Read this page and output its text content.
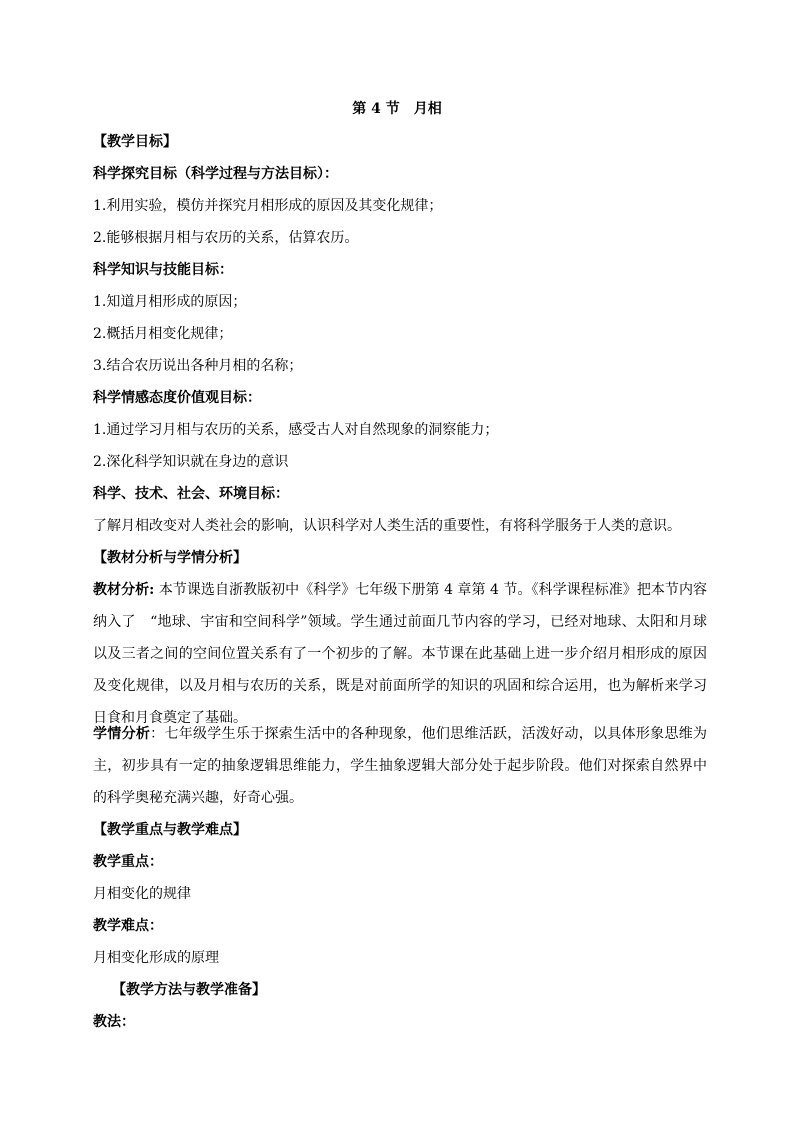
第 4 节　月相
【教学目标】
科学探究目标（科学过程与方法目标）：
1.利用实验，模仿并探究月相形成的原因及其变化规律；
2.能够根据月相与农历的关系，估算农历。
科学知识与技能目标：
1.知道月相形成的原因；
2.概括月相变化规律；
3.结合农历说出各种月相的名称；
科学情感态度价值观目标：
1.通过学习月相与农历的关系，感受古人对自然现象的洞察能力；
2.深化科学知识就在身边的意识
科学、技术、社会、环境目标：
了解月相改变对人类社会的影响，认识科学对人类生活的重要性，有将科学服务于人类的意识。
【教材分析与学情分析】
教材分析: 本节课选自浙教版初中《科学》七年级下册第 4 章第 4 节。《科学课程标准》把本节内容纳入了　“地球、宇宙和空间科学”领域。学生通过前面几节内容的学习，已经对地球、太阳和月球以及三者之间的空间位置关系有了一个初步的了解。本节课在此基础上进一步介绍月相形成的原因及变化规律，以及月相与农历的关系，既是对前面所学的知识的巩固和综合运用，也为解析来学习日食和月食奠定了基础。
学情分析：七年级学生乐于探索生活中的各种现象，他们思维活跃，活泼好动，以具体形象思维为主，初步具有一定的抽象逻辑思维能力，学生抽象逻辑大部分处于起步阶段。他们对探索自然界中的科学奥秘充满兴趣，好奇心强。
【教学重点与教学难点】
教学重点：
月相变化的规律
教学难点：
月相变化形成的原理
【教学方法与教学准备】
教法：
